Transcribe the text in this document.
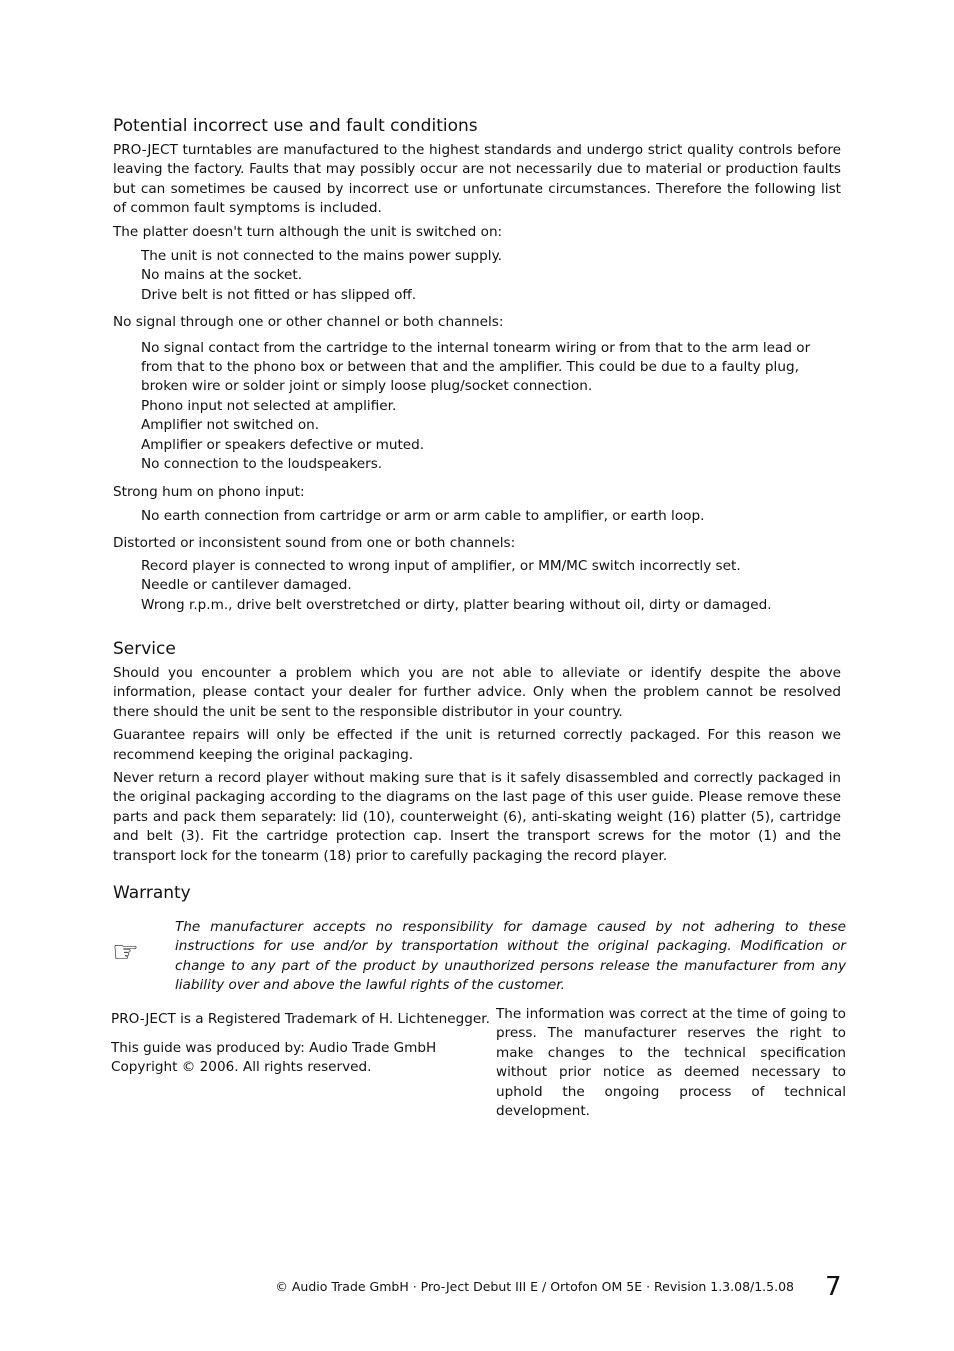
Potential incorrect use and fault conditions

PRO-JECT turntables are manufactured to the highest standards and undergo strict quality controls before leaving the factory. Faults that may possibly occur are not necessarily due to material or production faults but can sometimes be caused by incorrect use or unfortunate circumstances. Therefore the following list of common fault symptoms is included.

The platter doesn't turn although the unit is switched on:
The unit is not connected to the mains power supply.
No mains at the socket.
Drive belt is not fitted or has slipped off.
No signal through one or other channel or both channels:
No signal contact from the cartridge to the internal tonearm wiring or from that to the arm lead or
from that to the phono box or between that and the amplifier. This could be due to a faulty plug,
broken wire or solder joint or simply loose plug/socket connection.
Phono input not selected at amplifier.
Amplifier not switched on.
Amplifier or speakers defective or muted.
No connection to the loudspeakers.
Strong hum on phono input:
No earth connection from cartridge or arm or arm cable to amplifier, or earth loop.
Distorted or inconsistent sound from one or both channels:
Record player is connected to wrong input of amplifier, or MM/MC switch incorrectly set.
Needle or cantilever damaged.
Wrong r.p.m., drive belt overstretched or dirty, platter bearing without oil, dirty or damaged.
Service

Should you encounter a problem which you are not able to alleviate or identify despite the above information, please contact your dealer for further advice. Only when the problem cannot be resolved there should the unit be sent to the responsible distributor in your country.

Guarantee repairs will only be effected if the unit is returned correctly packaged. For this reason we recommend keeping the original packaging.

Never return a record player without making sure that is it safely disassembled and correctly packaged in the original packaging according to the diagrams on the last page of this user guide. Please remove these parts and pack them separately: lid (10), counterweight (6), anti-skating weight (16) platter (5), cartridge and belt (3). Fit the cartridge protection cap. Insert the transport screws for the motor (1) and the transport lock for the tonearm (18) prior to carefully packaging the record player.

Warranty
☞

The manufacturer accepts no responsibility for damage caused by not adhering to these instructions for use and/or by transportation without the original packaging. Modification or change to any part of the product by unauthorized persons release the manufacturer from any liability over and above the lawful rights of the customer.

PRO-JECT is a Registered Trademark of H. Lichtenegger.
This guide was produced by: Audio Trade GmbH
Copyright © 2006. All rights reserved.
The information was correct at the time of going to press. The manufacturer reserves the right to make changes to the technical specification without prior notice as deemed necessary to uphold the ongoing process of technical development.
© Audio Trade GmbH · Pro-Ject Debut III E / Ortofon OM 5E · Revision 1.3.08/1.5.08 7
